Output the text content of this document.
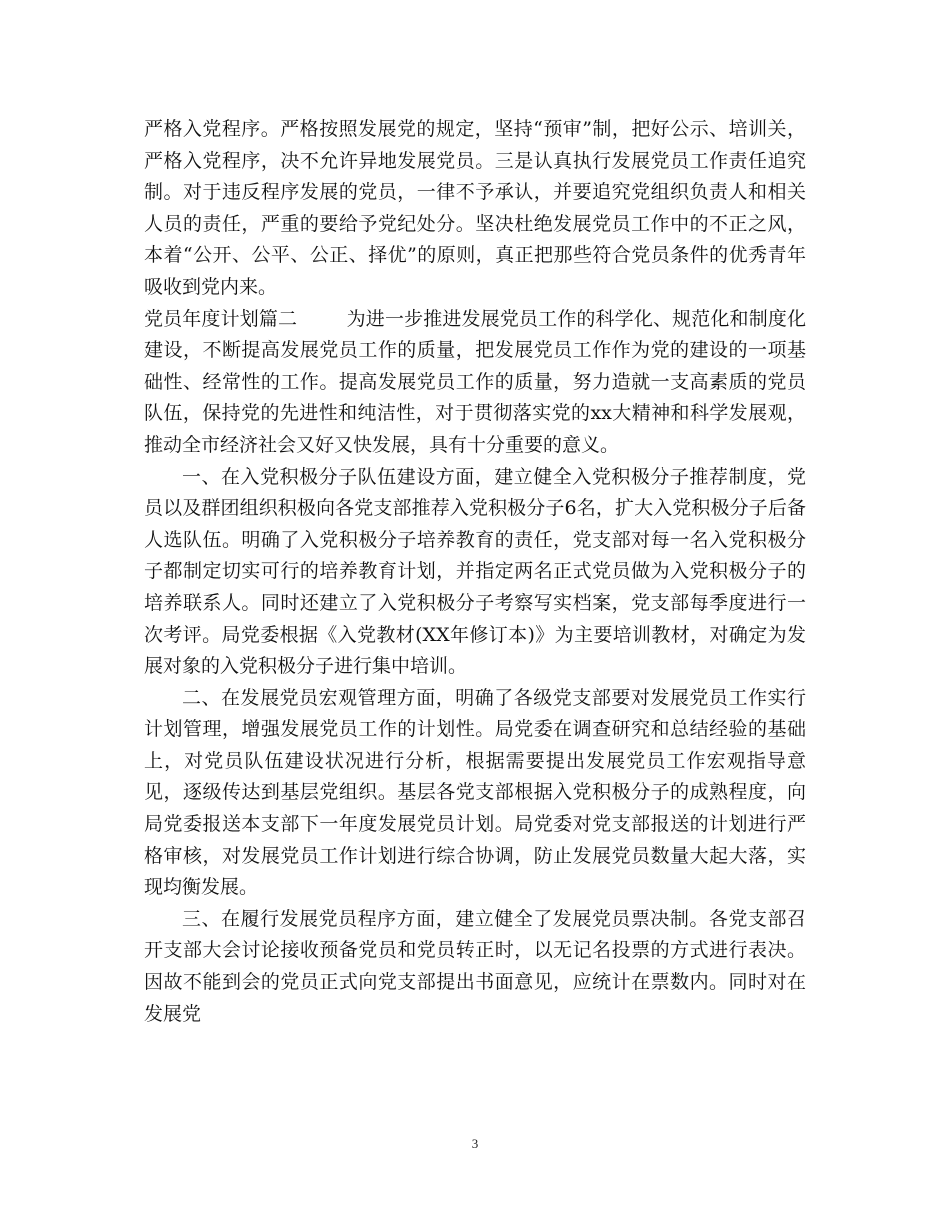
严格入党程序。严格按照发展党的规定，坚持“预审”制，把好公示、培训关，严格入党程序，决不允许异地发展党员。三是认真执行发展党员工作责任追究制。对于违反程序发展的党员，一律不予承认，并要追究党组织负责人和相关人员的责任，严重的要给予党纪处分。坚决杜绝发展党员工作中的不正之风，本着“公开、公平、公正、择优”的原则，真正把那些符合党员条件的优秀青年吸收到党内来。

党员年度计划篇二	为进一步推进发展党员工作的科学化、规范化和制度化建设，不断提高发展党员工作的质量，把发展党员工作作为党的建设的一项基础性、经常性的工作。提高发展党员工作的质量，努力造就一支高素质的党员队伍，保持党的先进性和纯洁性，对于贯彻落实党的xx大精神和科学发展观，推动全市经济社会又好又快发展，具有十分重要的意义。

一、在入党积极分子队伍建设方面，建立健全入党积极分子推荐制度，党员以及群团组织积极向各党支部推荐入党积极分子6名，扩大入党积极分子后备人选队伍。明确了入党积极分子培养教育的责任，党支部对每一名入党积极分子都制定切实可行的培养教育计划，并指定两名正式党员做为入党积极分子的培养联系人。同时还建立了入党积极分子考察写实档案，党支部每季度进行一次考评。局党委根据《入党教材(XX年修订本)》为主要培训教材，对确定为发展对象的入党积极分子进行集中培训。

二、在发展党员宏观管理方面，明确了各级党支部要对发展党员工作实行计划管理，增强发展党员工作的计划性。局党委在调查研究和总结经验的基础上，对党员队伍建设状况进行分析，根据需要提出发展党员工作宏观指导意见，逐级传达到基层党组织。基层各党支部根据入党积极分子的成熟程度，向局党委报送本支部下一年度发展党员计划。局党委对党支部报送的计划进行严格审核，对发展党员工作计划进行综合协调，防止发展党员数量大起大落，实现均衡发展。

三、在履行发展党员程序方面，建立健全了发展党员票决制。各党支部召开支部大会讨论接收预备党员和党员转正时，以无记名投票的方式进行表决。因故不能到会的党员正式向党支部提出书面意见，应统计在票数内。同时对在发展党

3
